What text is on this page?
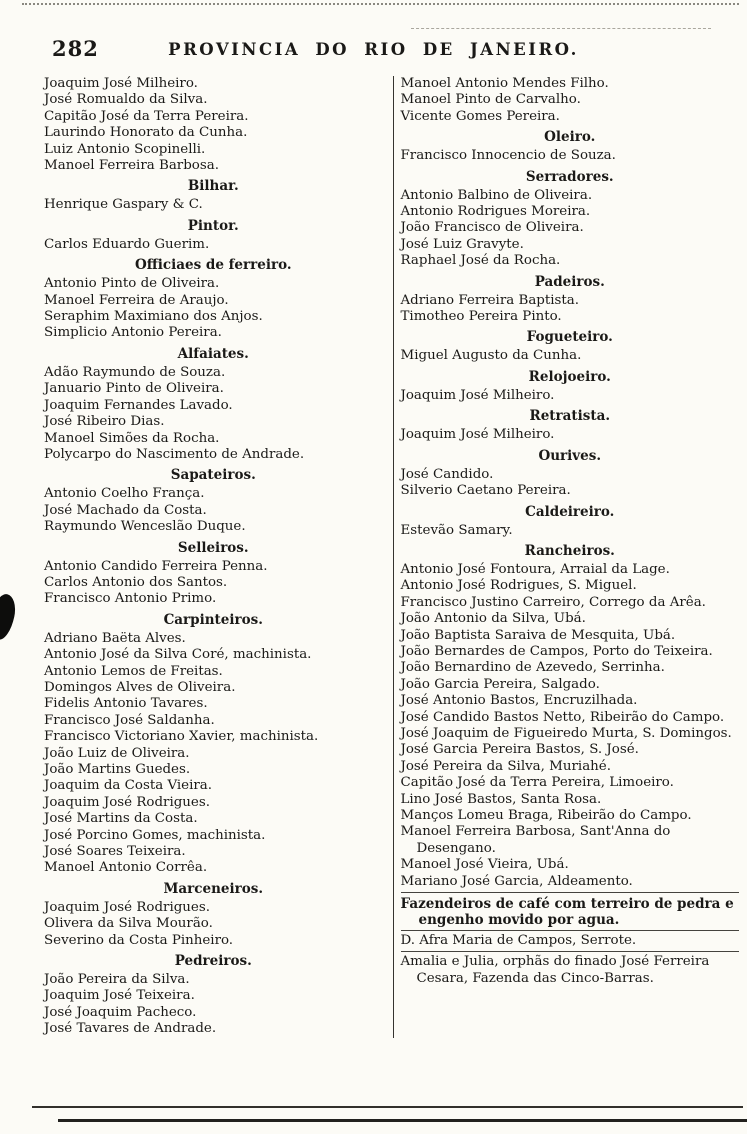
282	PROVINCIA DO RIO DE JANEIRO.

Joaquim José Milheiro.

José Romualdo da Silva.

Capitão José da Terra Pereira.

Laurindo Honorato da Cunha.

Luiz Antonio Scopinelli.

Manoel Ferreira Barbosa.

Bilhar.

Henrique Gaspary & C.

Pintor.

Carlos Eduardo Guerim.

Officiaes de ferreiro.

Antonio Pinto de Oliveira.

Manoel Ferreira de Araujo.

Seraphim Maximiano dos Anjos.

Simplicio Antonio Pereira.

Alfaiates.

Adão Raymundo de Souza.

Januario Pinto de Oliveira.

Joaquim Fernandes Lavado.

José Ribeiro Dias.

Manoel Simões da Rocha.

Polycarpo do Nascimento de Andrade.

Sapateiros.

Antonio Coelho França.

José Machado da Costa.

Raymundo Wenceslão Duque.

Selleiros.

Antonio Candido Ferreira Penna.

Carlos Antonio dos Santos.

Francisco Antonio Primo.

Carpinteiros.

Adriano Baëta Alves.

Antonio José da Silva Coré, machinista.

Antonio Lemos de Freitas.

Domingos Alves de Oliveira.

Fidelis Antonio Tavares.

Francisco José Saldanha.

Francisco Victoriano Xavier, machinista.

João Luiz de Oliveira.

João Martins Guedes.

Joaquim da Costa Vieira.

Joaquim José Rodrigues.

José Martins da Costa.

José Porcino Gomes, machinista.

José Soares Teixeira.

Manoel Antonio Corrêa.

Marceneiros.

Joaquim José Rodrigues.

Olivera da Silva Mourão.

Severino da Costa Pinheiro.

Pedreiros.

João Pereira da Silva.

Joaquim José Teixeira.

José Joaquim Pacheco.

José Tavares de Andrade.

Manoel Antonio Mendes Filho.

Manoel Pinto de Carvalho.

Vicente Gomes Pereira.

Oleiro.

Francisco Innocencio de Souza.

Serradores.

Antonio Balbino de Oliveira.

Antonio Rodrigues Moreira.

João Francisco de Oliveira.

José Luiz Gravyte.

Raphael José da Rocha.

Padeiros.

Adriano Ferreira Baptista.

Timotheo Pereira Pinto.

Fogueteiro.

Miguel Augusto da Cunha.

Relojoeiro.

Joaquim José Milheiro.

Retratista.

Joaquim José Milheiro.

Ourives.

José Candido.

Silverio Caetano Pereira.

Caldeireiro.

Estevão Samary.

Rancheiros.

Antonio José Fontoura, Arraial da Lage.

Antonio José Rodrigues, S. Miguel.

Francisco Justino Carreiro, Corrego da Arêa.

João Antonio da Silva, Ubá.

João Baptista Saraiva de Mesquita, Ubá.

João Bernardes de Campos, Porto do Teixeira.

João Bernardino de Azevedo, Serrinha.

João Garcia Pereira, Salgado.

José Antonio Bastos, Encruzilhada.

José Candido Bastos Netto, Ribeirão do Campo.

José Joaquim de Figueiredo Murta, S. Domingos.

José Garcia Pereira Bastos, S. José.

José Pereira da Silva, Muriahé.

Capitão José da Terra Pereira, Limoeiro.

Lino José Bastos, Santa Rosa.

Manços Lomeu Braga, Ribeirão do Campo.

Manoel Ferreira Barbosa, Sant'Anna do Desengano.

Manoel José Vieira, Ubá.

Mariano José Garcia, Aldeamento.

Fazendeiros de café com terreiro de pedra e engenho movido por agua.

D. Afra Maria de Campos, Serrote.

Amalia e Julia, orphãs do finado José Ferreira Cesara, Fazenda das Cinco-Barras.
